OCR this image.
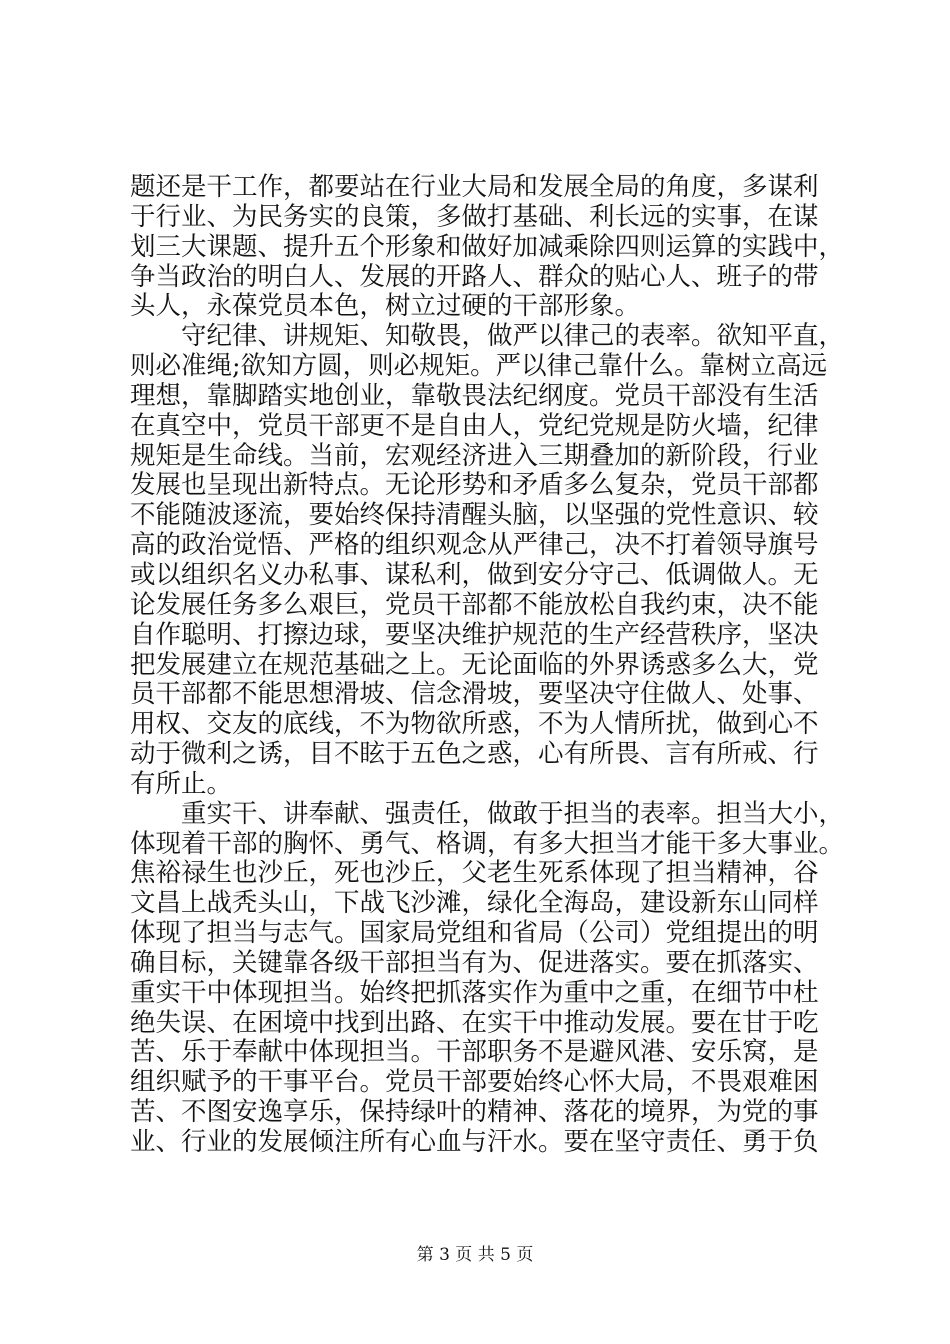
题还是干工作，都要站在行业大局和发展全局的角度，多谋利
于行业、为民务实的良策，多做打基础、利长远的实事，在谋
划三大课题、提升五个形象和做好加减乘除四则运算的实践中，
争当政治的明白人、发展的开路人、群众的贴心人、班子的带
头人，永葆党员本色，树立过硬的干部形象。
　　守纪律、讲规矩、知敬畏，做严以律己的表率。欲知平直，
则必准绳;欲知方圆，则必规矩。严以律己靠什么。靠树立高远
理想，靠脚踏实地创业，靠敬畏法纪纲度。党员干部没有生活
在真空中，党员干部更不是自由人，党纪党规是防火墙，纪律
规矩是生命线。当前，宏观经济进入三期叠加的新阶段，行业
发展也呈现出新特点。无论形势和矛盾多么复杂，党员干部都
不能随波逐流，要始终保持清醒头脑，以坚强的党性意识、较
高的政治觉悟、严格的组织观念从严律己，决不打着领导旗号
或以组织名义办私事、谋私利，做到安分守己、低调做人。无
论发展任务多么艰巨，党员干部都不能放松自我约束，决不能
自作聪明、打擦边球，要坚决维护规范的生产经营秩序，坚决
把发展建立在规范基础之上。无论面临的外界诱惑多么大，党
员干部都不能思想滑坡、信念滑坡，要坚决守住做人、处事、
用权、交友的底线，不为物欲所惑，不为人情所扰，做到心不
动于微利之诱，目不眩于五色之惑，心有所畏、言有所戒、行
有所止。
　　重实干、讲奉献、强责任，做敢于担当的表率。担当大小，
体现着干部的胸怀、勇气、格调，有多大担当才能干多大事业。
焦裕禄生也沙丘，死也沙丘，父老生死系体现了担当精神，谷
文昌上战秃头山，下战飞沙滩，绿化全海岛，建设新东山同样
体现了担当与志气。国家局党组和省局（公司）党组提出的明
确目标，关键靠各级干部担当有为、促进落实。要在抓落实、
重实干中体现担当。始终把抓落实作为重中之重，在细节中杜
绝失误、在困境中找到出路、在实干中推动发展。要在甘于吃
苦、乐于奉献中体现担当。干部职务不是避风港、安乐窝，是
组织赋予的干事平台。党员干部要始终心怀大局，不畏艰难困
苦、不图安逸享乐，保持绿叶的精神、落花的境界，为党的事
业、行业的发展倾注所有心血与汗水。要在坚守责任、勇于负
第 3 页 共 5 页
